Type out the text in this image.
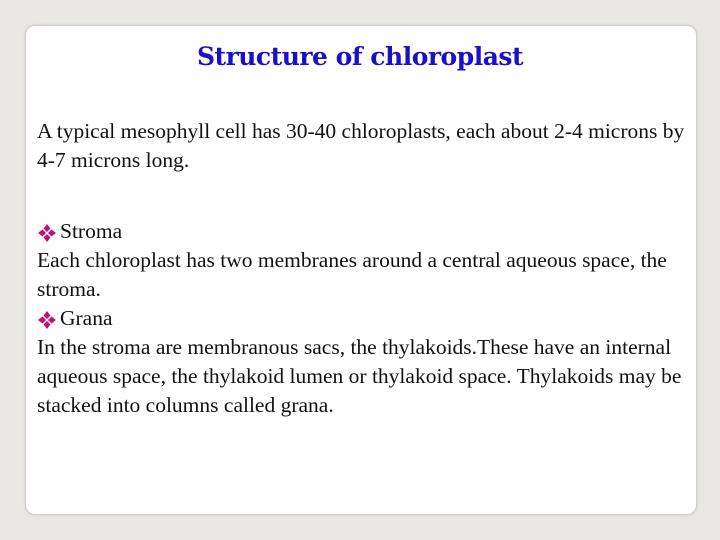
Structure of chloroplast

A typical mesophyll cell has 30-40 chloroplasts, each about 2-4 microns by 4-7 microns long.

Stroma

Each chloroplast has two membranes around a central aqueous space, the stroma.

Grana

In the stroma are membranous sacs, the thylakoids.These have an internal aqueous space, the thylakoid lumen or thylakoid space. Thylakoids may be stacked into columns called grana.
